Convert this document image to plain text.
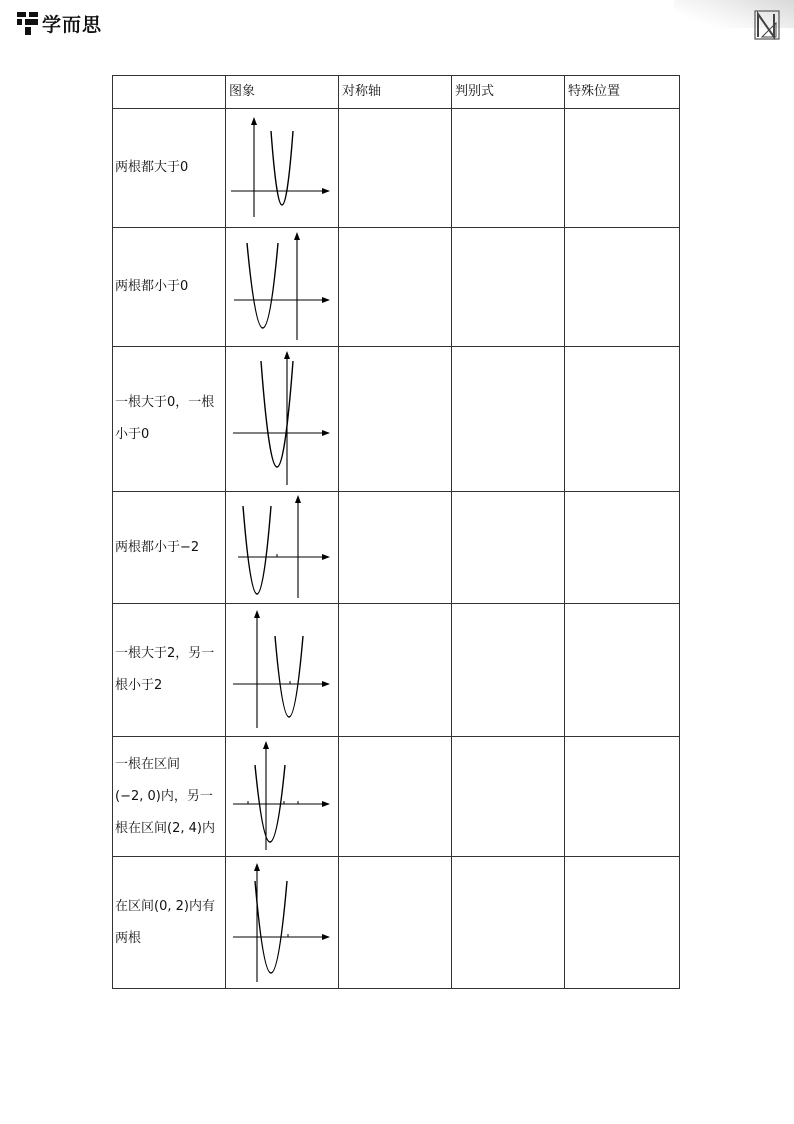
学而思

	图象	对称轴	判别式	特殊位置

两根都大于0

两根都小于0

一根大于0，一根
小于0

两根都小于−2

一根大于2，另一
根小于2

一根在区间
(−2, 0)内，另一
根在区间(2, 4)内

在区间(0, 2)内有
两根
